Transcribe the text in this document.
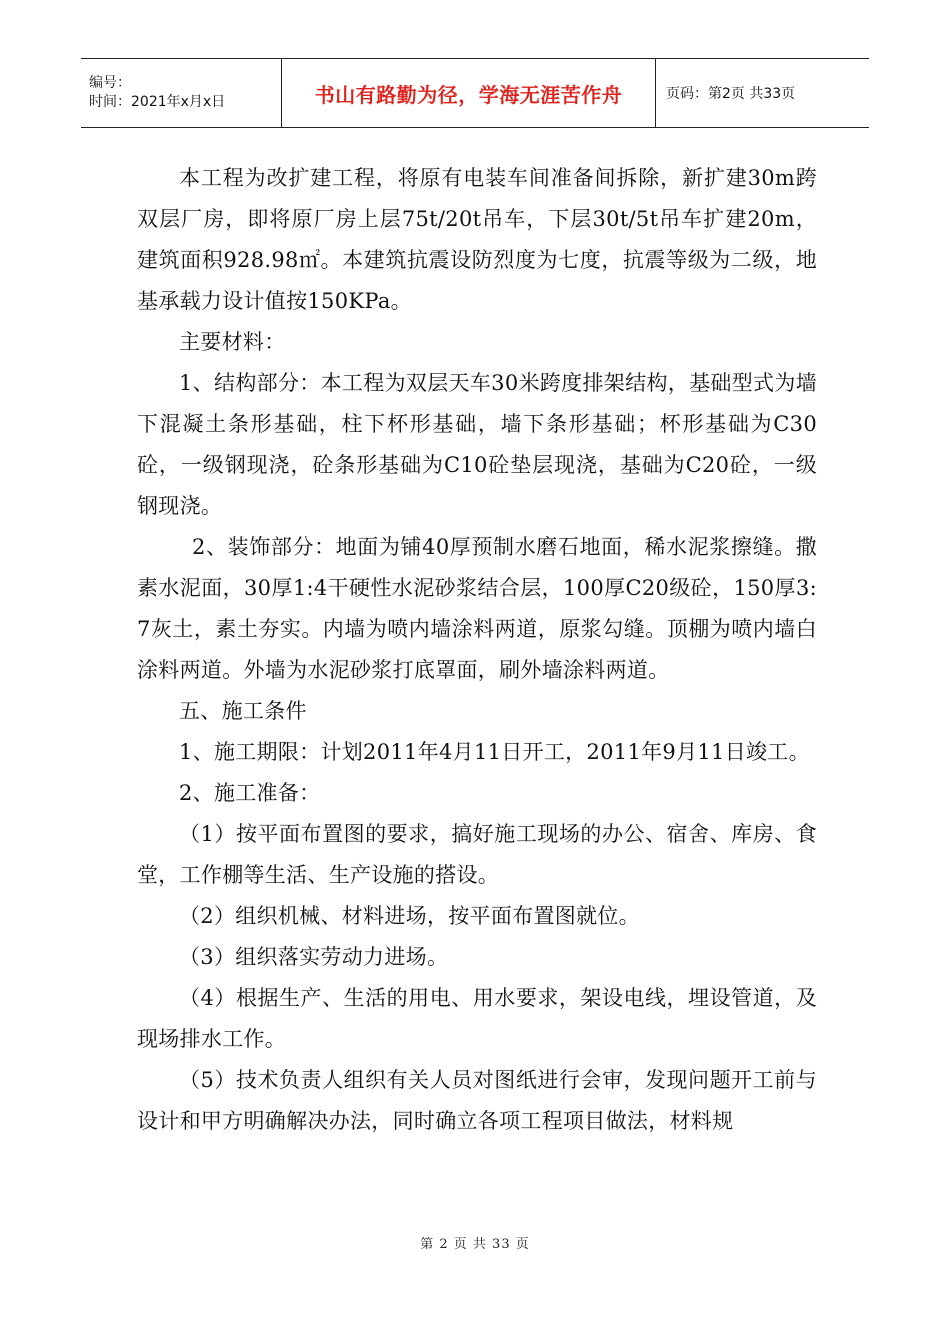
编号：
时间：2021年x月x日	书山有路勤为径，学海无涯苦作舟	页码：第2页 共33页

本工程为改扩建工程，将原有电装车间准备间拆除，新扩建30m跨双层厂房，即将原厂房上层75t/20t吊车，下层30t/5t吊车扩建20m，建筑面积928.98㎡。本建筑抗震设防烈度为七度，抗震等级为二级，地基承载力设计值按150KPa。

主要材料：

1、结构部分：本工程为双层天车30米跨度排架结构，基础型式为墙下混凝土条形基础，柱下杯形基础，墙下条形基础；杯形基础为C30砼，一级钢现浇，砼条形基础为C10砼垫层现浇，基础为C20砼，一级钢现浇。

2、装饰部分：地面为铺40厚预制水磨石地面，稀水泥浆擦缝。撒素水泥面，30厚1:4干硬性水泥砂浆结合层，100厚C20级砼，150厚3:7灰土，素土夯实。内墙为喷内墙涂料两道，原浆勾缝。顶棚为喷内墙白涂料两道。外墙为水泥砂浆打底罩面，刷外墙涂料两道。

五、施工条件

1、施工期限：计划2011年4月11日开工，2011年9月11日竣工。

2、施工准备：

（1）按平面布置图的要求，搞好施工现场的办公、宿舍、库房、食堂，工作棚等生活、生产设施的搭设。

（2）组织机械、材料进场，按平面布置图就位。

（3）组织落实劳动力进场。

（4）根据生产、生活的用电、用水要求，架设电线，埋设管道，及现场排水工作。

（5）技术负责人组织有关人员对图纸进行会审，发现问题开工前与设计和甲方明确解决办法，同时确立各项工程项目做法，材料规

第 2 页 共 33 页
